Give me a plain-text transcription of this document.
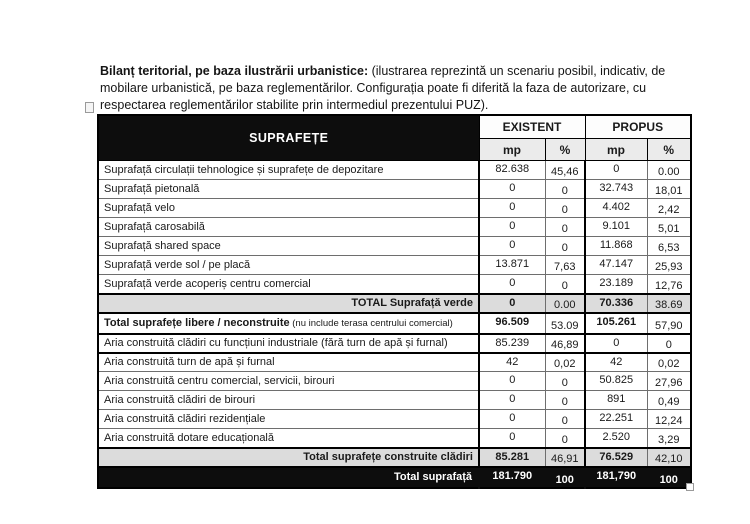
Bilanț teritorial, pe baza ilustrării urbanistice: (ilustrarea reprezintă un scenariu posibil, indicativ, de mobilare urbanistică, pe baza reglementărilor. Configurația poate fi diferită la faza de autorizare, cu respectarea reglementărilor stabilite prin intermediul prezentului PUZ).

SUPRAFEȚE	EXISTENT		PROPUS	
	mp	%	mp	%
Suprafață circulații tehnologice și suprafețe de depozitare	82.638	45,46	0	0.00
Suprafață pietonală	0	0	32.743	18,01
Suprafață velo	0	0	4.402	2,42
Suprafață carosabilă	0	0	9.101	5,01
Suprafață shared space	0	0	11.868	6,53
Suprafață verde sol / pe placă	13.871	7,63	47.147	25,93
Suprafață verde acoperiș centru comercial	0	0	23.189	12,76
TOTAL Suprafață verde	0	0.00	70.336	38.69
Total suprafețe libere / neconstruite (nu include terasa centrului comercial)	96.509	53.09	105.261	57,90
Aria construită clădiri cu funcțiuni industriale (fără turn de apă și furnal)	85.239	46,89	0	0
Aria construită turn de apă și furnal	42	0,02	42	0,02
Aria construită centru comercial, servicii, birouri	0	0	50.825	27,96
Aria construită clădiri de birouri	0	0	891	0,49
Aria construită clădiri rezidențiale	0	0	22.251	12,24
Aria construită dotare educațională	0	0	2.520	3,29
Total suprafețe construite clădiri	85.281	46,91	76.529	42,10
Total suprafață	181.790	100	181,790	100
